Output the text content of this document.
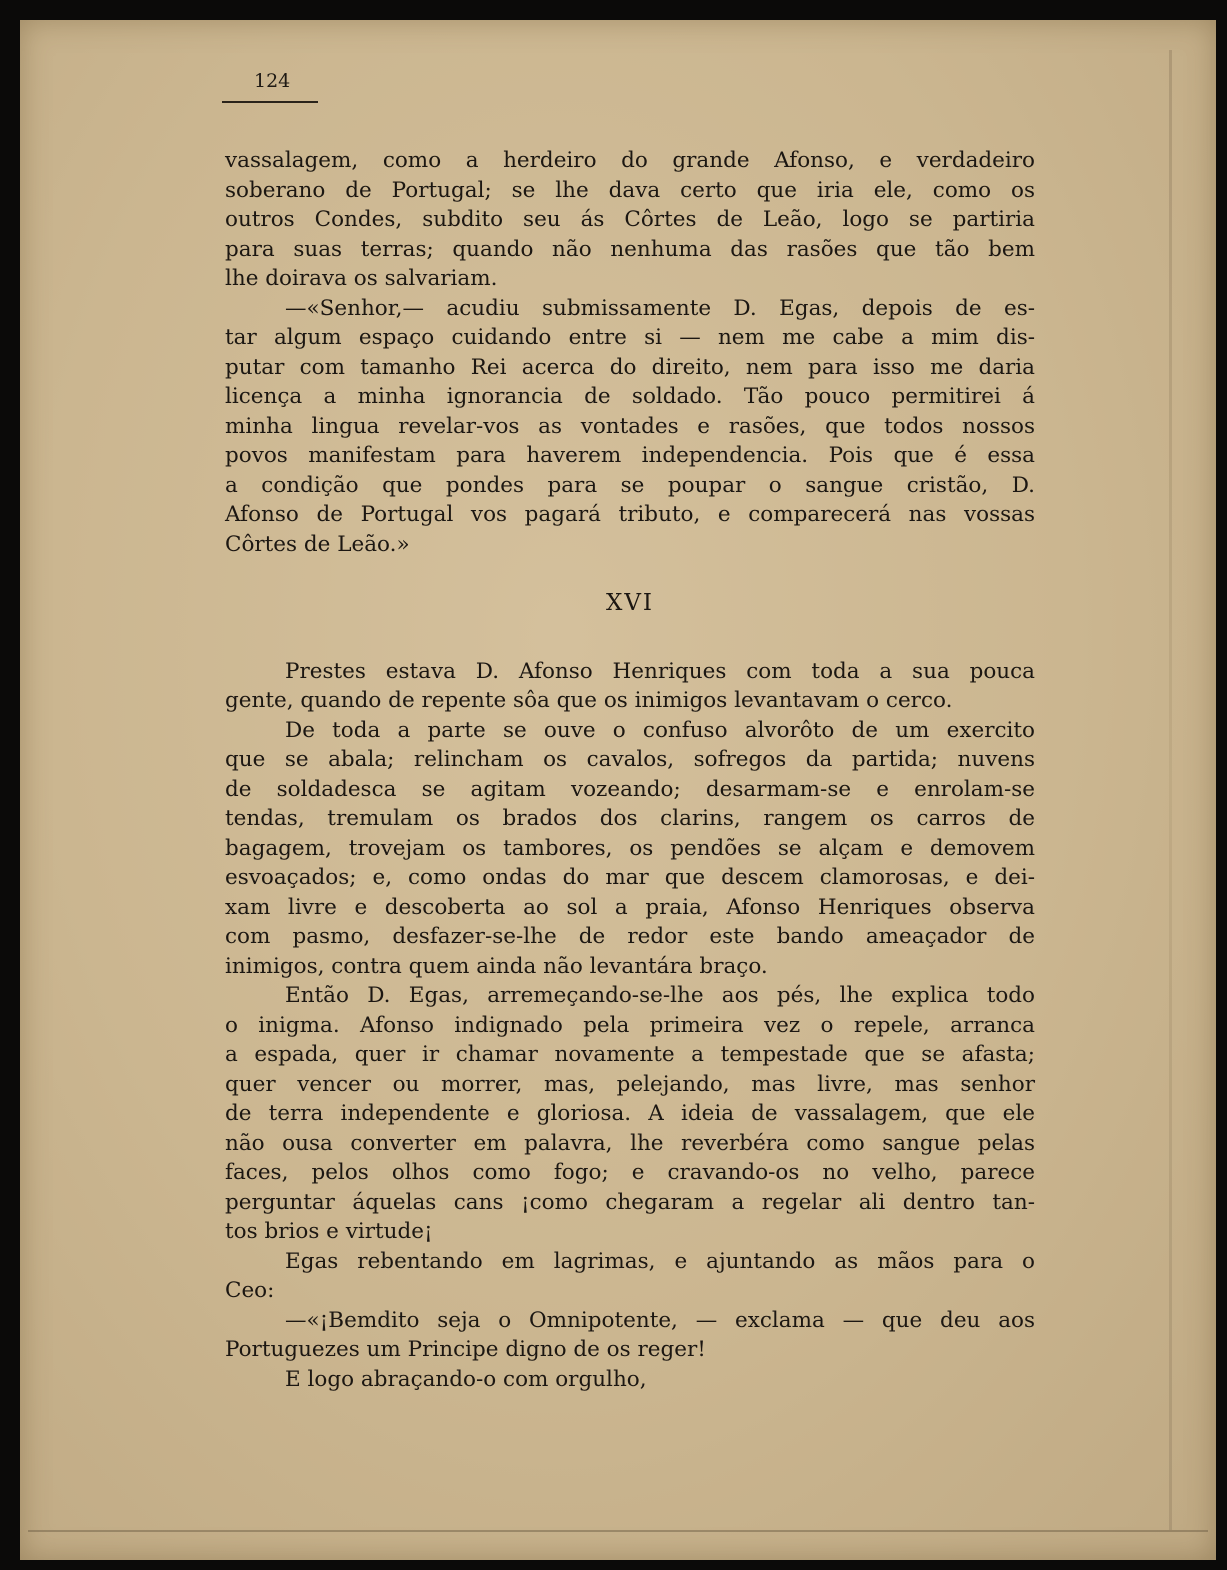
124

vassalagem, como a herdeiro do grande Afonso, e verdadeiro

soberano de Portugal; se lhe dava certo que iria ele, como os

outros Condes, subdito seu ás Côrtes de Leão, logo se partiria

para suas terras; quando não nenhuma das rasões que tão bem

lhe doirava os salvariam.

—«Senhor,— acudiu submissamente D. Egas, depois de es-

tar algum espaço cuidando entre si — nem me cabe a mim dis-

putar com tamanho Rei acerca do direito, nem para isso me daria

licença a minha ignorancia de soldado. Tão pouco permitirei á

minha lingua revelar-vos as vontades e rasões, que todos nossos

povos manifestam para haverem independencia. Pois que é essa

a condição que pondes para se poupar o sangue cristão, D.

Afonso de Portugal vos pagará tributo, e comparecerá nas vossas

Côrtes de Leão.»

XVI

Prestes estava D. Afonso Henriques com toda a sua pouca

gente, quando de repente sôa que os inimigos levantavam o cerco.

De toda a parte se ouve o confuso alvorôto de um exercito

que se abala; relincham os cavalos, sofregos da partida; nuvens

de soldadesca se agitam vozeando; desarmam-se e enrolam-se

tendas, tremulam os brados dos clarins, rangem os carros de

bagagem, trovejam os tambores, os pendões se alçam e demovem

esvoaçados; e, como ondas do mar que descem clamorosas, e dei-

xam livre e descoberta ao sol a praia, Afonso Henriques observa

com pasmo, desfazer-se-lhe de redor este bando ameaçador de

inimigos, contra quem ainda não levantára braço.

Então D. Egas, arremeçando-se-lhe aos pés, lhe explica todo

o inigma. Afonso indignado pela primeira vez o repele, arranca

a espada, quer ir chamar novamente a tempestade que se afasta;

quer vencer ou morrer, mas, pelejando, mas livre, mas senhor

de terra independente e gloriosa. A ideia de vassalagem, que ele

não ousa converter em palavra, lhe reverbéra como sangue pelas

faces, pelos olhos como fogo; e cravando-os no velho, parece

perguntar áquelas cans ¡como chegaram a regelar ali dentro tan-

tos brios e virtude¡

Egas rebentando em lagrimas, e ajuntando as mãos para o

Ceo:

—«¡Bemdito seja o Omnipotente, — exclama — que deu aos

Portuguezes um Principe digno de os reger!

E logo abraçando-o com orgulho,
